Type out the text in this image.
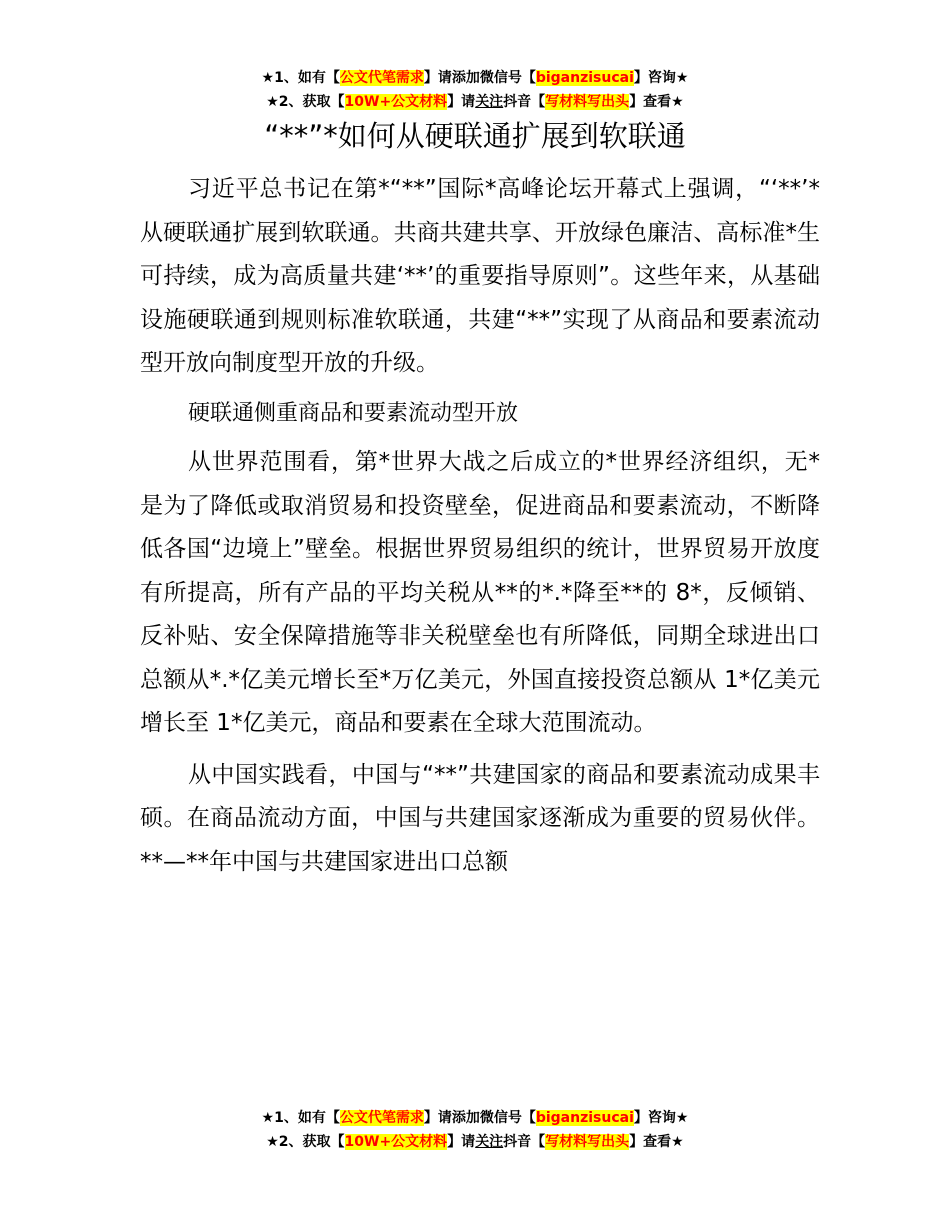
★1、如有【公文代笔需求】请添加微信号【biganzisucai】咨询★
★2、获取【10W+公文材料】请关注抖音【写材料写出头】查看★
“**”*如何从硬联通扩展到软联通

习近平总书记在第*“**”国际*高峰论坛开幕式上强调，“‘**’*从硬联通扩展到软联通。共商共建共享、开放绿色廉洁、高标准*生可持续，成为高质量共建‘**’的重要指导原则”。这些年来，从基础设施硬联通到规则标准软联通，共建“**”实现了从商品和要素流动型开放向制度型开放的升级。

硬联通侧重商品和要素流动型开放

从世界范围看，第*世界大战之后成立的*世界经济组织，无*是为了降低或取消贸易和投资壁垒，促进商品和要素流动，不断降低各国“边境上”壁垒。根据世界贸易组织的统计，世界贸易开放度有所提高，所有产品的平均关税从**的*.*降至**的 8*，反倾销、反补贴、安全保障措施等非关税壁垒也有所降低，同期全球进出口总额从*.*亿美元增长至*万亿美元，外国直接投资总额从 1*亿美元增长至 1*亿美元，商品和要素在全球大范围流动。

从中国实践看，中国与“**”共建国家的商品和要素流动成果丰硕。在商品流动方面，中国与共建国家逐渐成为重要的贸易伙伴。**—**年中国与共建国家进出口总额

★1、如有【公文代笔需求】请添加微信号【biganzisucai】咨询★
★2、获取【10W+公文材料】请关注抖音【写材料写出头】查看★
